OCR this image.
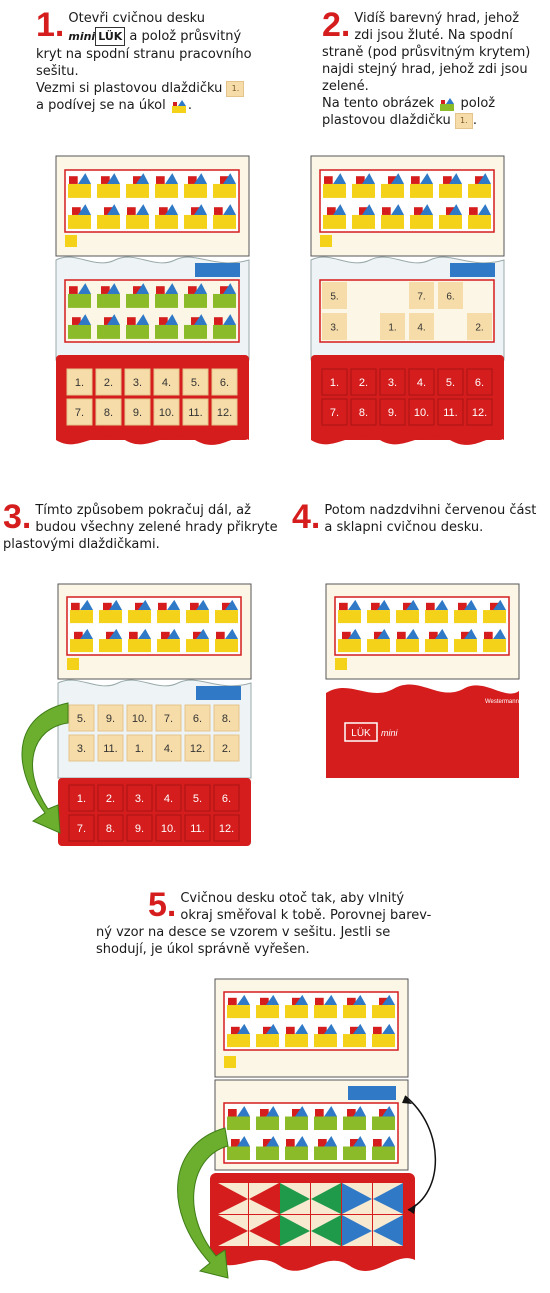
1. Otevři cvičnou desku
mini LÜK a polož průsvitný
kryt na spodní stranu pracovního
sešitu.
Vezmi si plastovou dlaždičku 1.
a podívej se na úkol .
2. Vidíš barevný hrad, jehož
zdi jsou žluté. Na spodní
straně (pod průsvitným krytem)
najdi stejný hrad, jehož zdi jsou
zelené.
Na tento obrázek polož
plastovou dlaždičku 1. .
1. 2. 3. 4. 5. 6.
7. 8. 9. 10. 11. 12.
5.	7. 6.
3.	1. 4.	2.
1. 2. 3. 4. 5. 6.
7. 8. 9. 10. 11. 12.
3. Tímto způsobem pokračuj dál, až
budou všechny zelené hrady přikryte
plastovými dlaždičkami.
4. Potom nadzdvihni červenou část
a sklapni cvičnou desku.
5. 9. 10. 7. 6. 8.
3. 11. 1. 4. 12. 2.
1. 2. 3. 4. 5. 6.
7. 8. 9. 10. 11. 12.
LÜK mini
Westermann
5. Cvičnou desku otoč tak, aby vlnitý
okraj směřoval k tobě. Porovnej barev-
ný vzor na desce se vzorem v sešitu. Jestli se
shodují, je úkol správně vyřešen.
